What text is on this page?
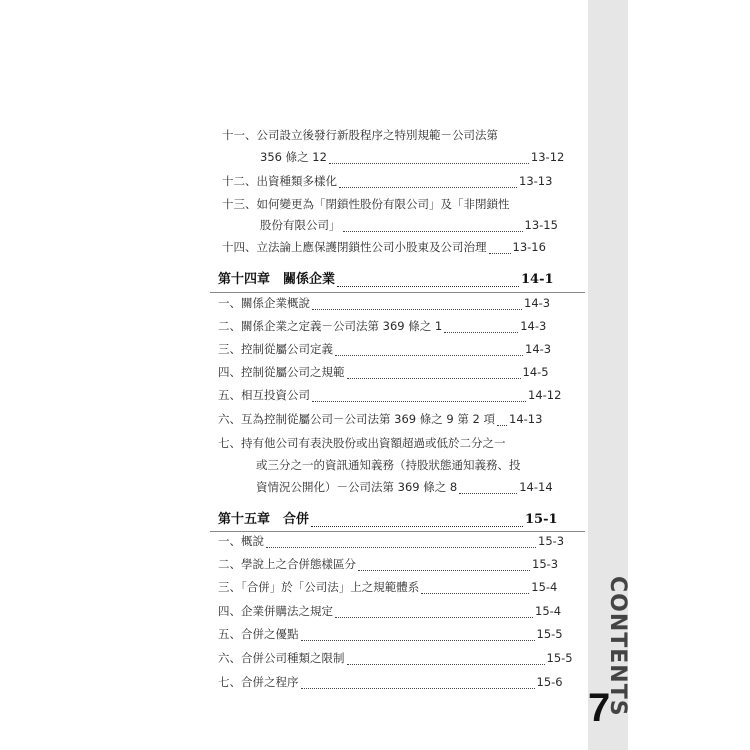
十一、公司設立後發行新股程序之特別規範－公司法第
356 條之 12	13-12
十二、出資種類多樣化	13-13
十三、如何變更為「閉鎖性股份有限公司」及「非閉鎖性
股份有限公司」	13-15
十四、立法論上應保護閉鎖性公司小股東及公司治理 13-16
第十四章　關係企業	14-1
一、關係企業概說	14-3
二、關係企業之定義－公司法第 369 條之 1	14-3
三、控制從屬公司定義	14-3
四、控制從屬公司之規範	14-5
五、相互投資公司	14-12
六、互為控制從屬公司－公司法第 369 條之 9 第 2 項 14-13
七、持有他公司有表決股份或出資額超過或低於二分之一
或三分之一的資訊通知義務（持股狀態通知義務、投
資情況公開化）－公司法第 369 條之 8	14-14
第十五章　合併	15-1
一、概說	15-3
二、學說上之合併態樣區分	15-3
三、「合併」於「公司法」上之規範體系	15-4
四、企業併購法之規定	15-4
五、合併之優點	15-5
六、合併公司種類之限制	15-5
七、合併之程序	15-6	CONTENTS
7
